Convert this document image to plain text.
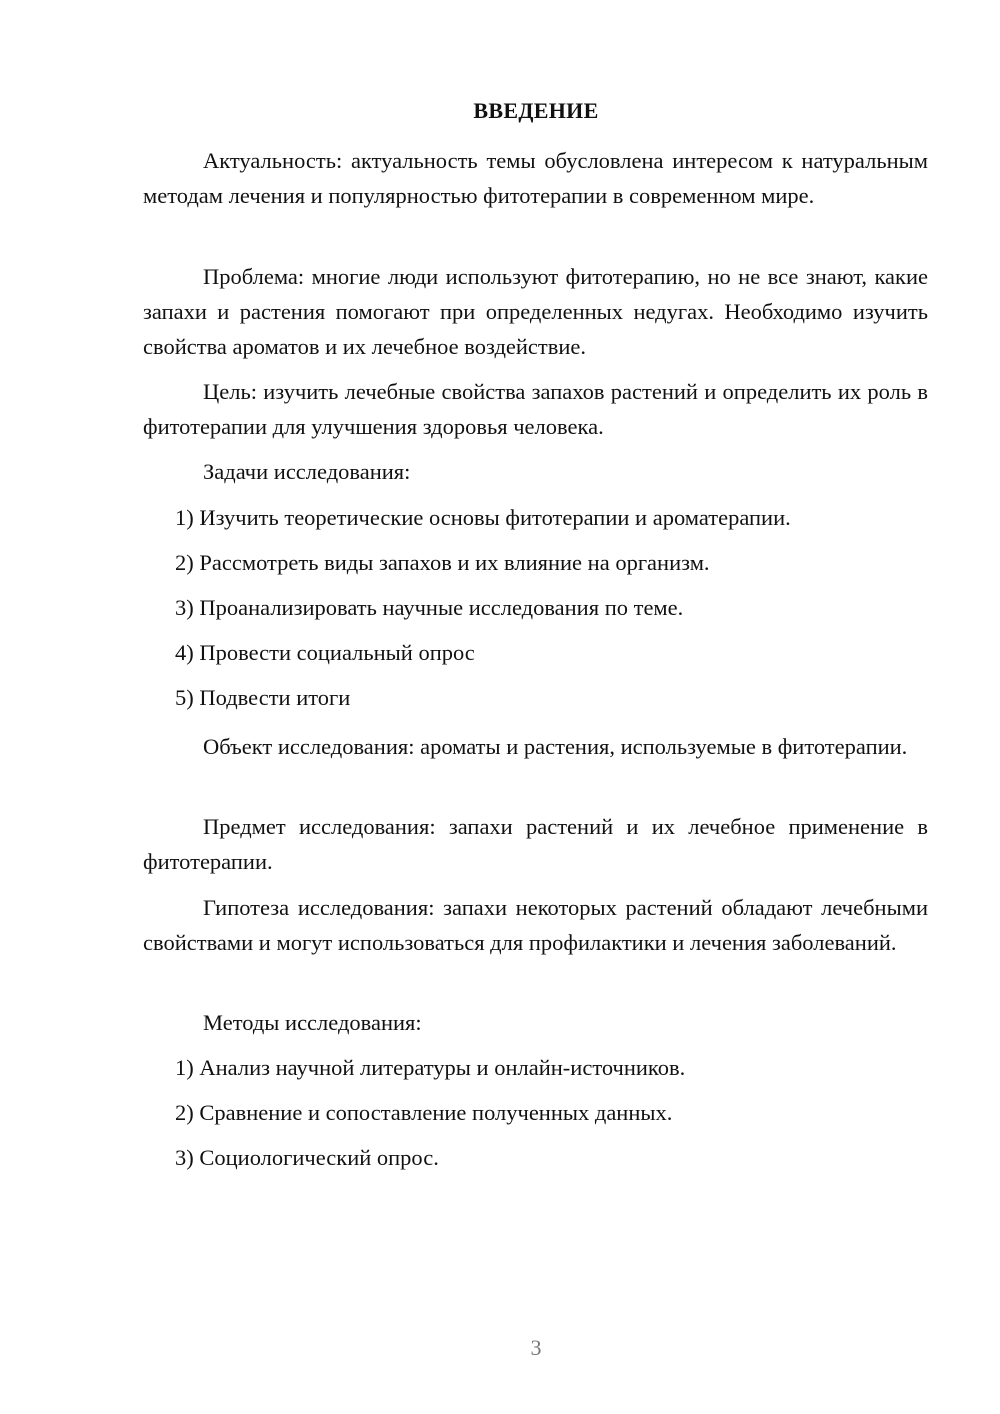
ВВЕДЕНИЕ

Актуальность: актуальность темы обусловлена интересом к натуральным методам лечения и популярностью фитотерапии в современном мире.

Проблема: многие люди используют фитотерапию, но не все знают, какие запахи и растения помогают при определенных недугах. Необходимо изучить свойства ароматов и их лечебное воздействие.

Цель: изучить лечебные свойства запахов растений и определить их роль в фитотерапии для улучшения здоровья человека.

Задачи исследования:

1) Изучить теоретические основы фитотерапии и ароматерапии.

2) Рассмотреть виды запахов и их влияние на организм.

3) Проанализировать научные исследования по теме.

4) Провести социальный опрос

5) Подвести итоги

Объект исследования: ароматы и растения, используемые в фитотерапии.

Предмет исследования: запахи растений и их лечебное применение в фитотерапии.

Гипотеза исследования: запахи некоторых растений обладают лечебными свойствами и могут использоваться для профилактики и лечения заболеваний.

Методы исследования:

1) Анализ научной литературы и онлайн-источников.

2) Сравнение и сопоставление полученных данных.

3) Социологический опрос.

3
